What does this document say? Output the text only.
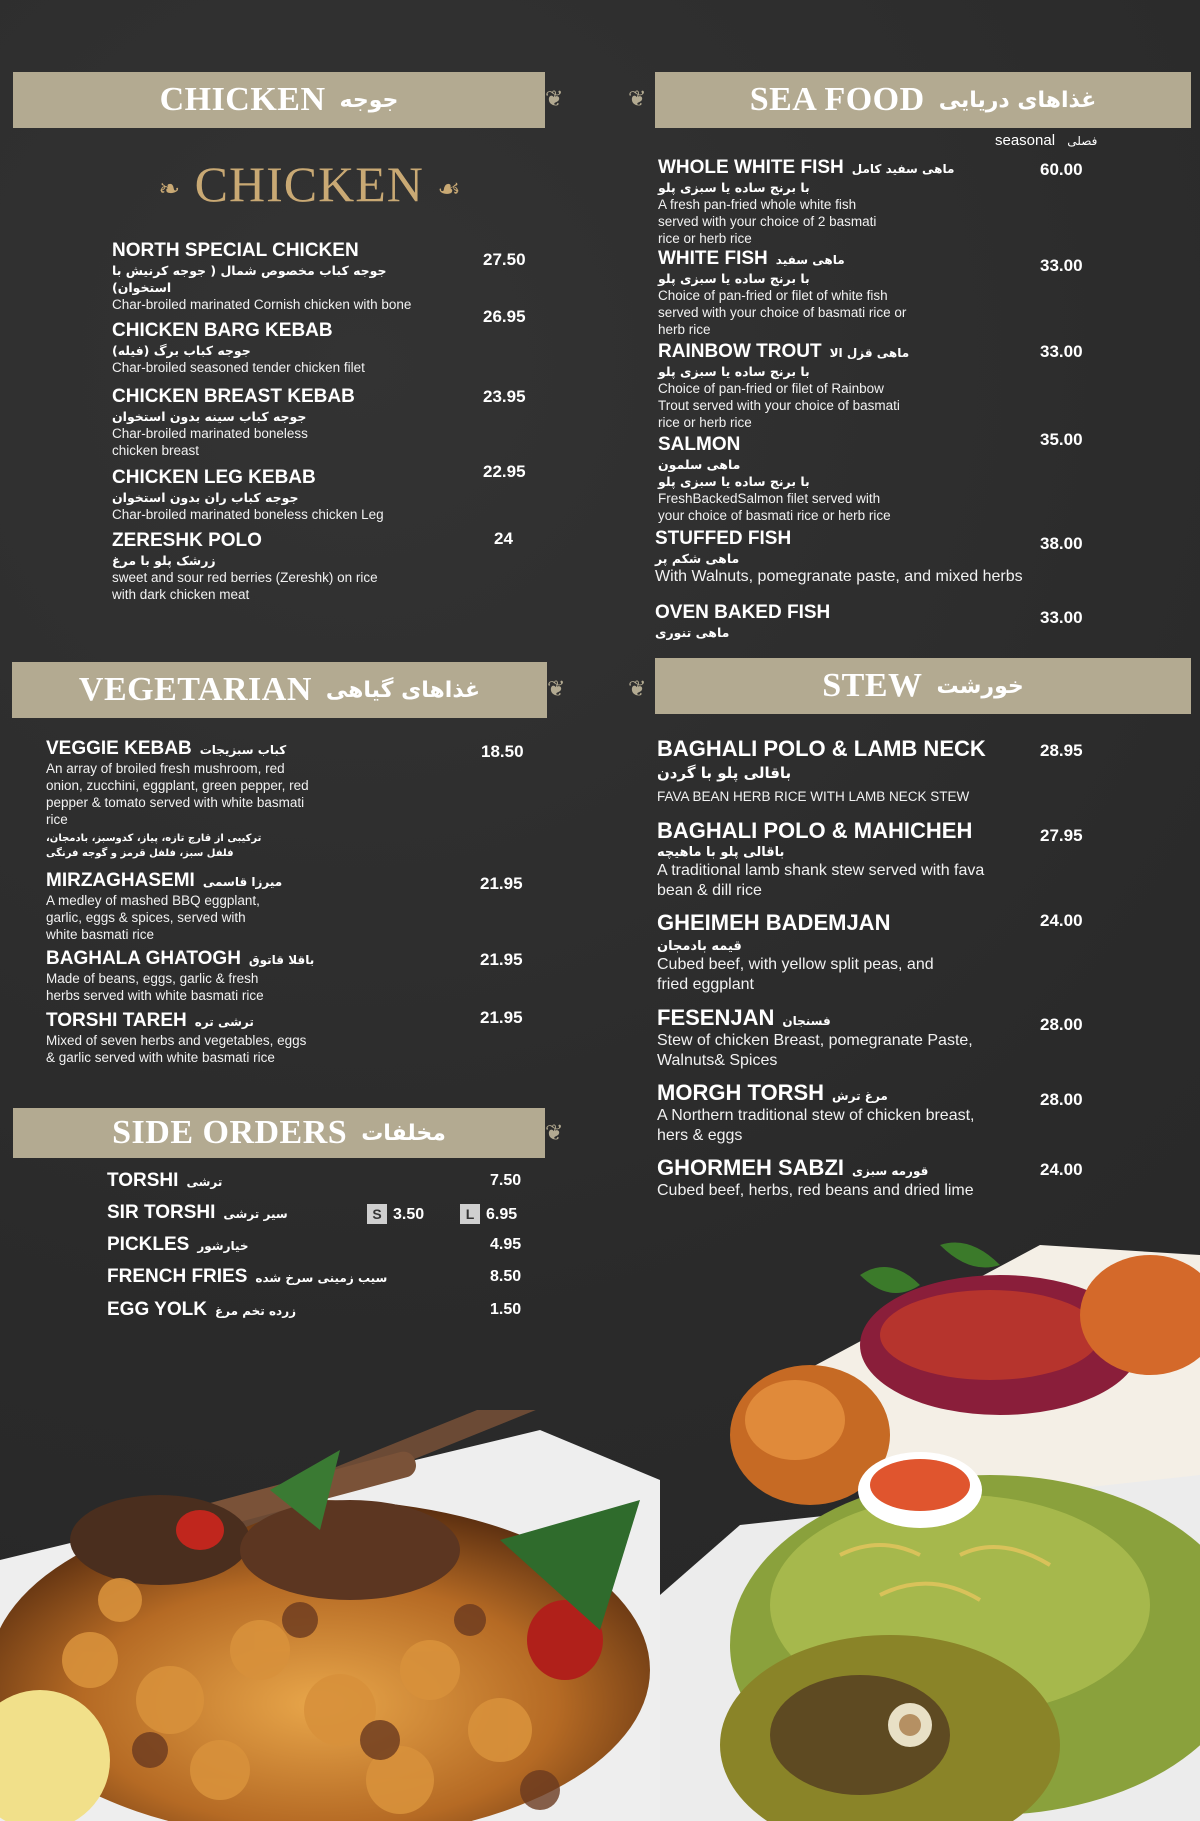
CHICKEN جوجه	❦
❧ CHICKEN ☙
NORTH SPECIAL CHICKEN
جوجه کباب مخصوص شمال ( جوجه کرنیش با استخوان)
Char-broiled marinated Cornish chicken with bone
27.50
CHICKEN BARG KEBAB
جوجه کباب برگ (فیله)
Char-broiled seasoned tender chicken filet
26.95
CHICKEN BREAST KEBAB
جوجه کباب سینه بدون استخوان
Char-broiled marinated boneless chicken breast
23.95
CHICKEN LEG KEBAB
جوجه کباب ران بدون استخوان
Char-broiled marinated boneless chicken Leg
22.95
ZERESHK POLO
زرشک پلو با مرغ
sweet and sour red berries (Zereshk) on rice with dark chicken meat
24
❦	SEA FOOD غذاهای دریایی
seasonal فصلی
WHOLE WHITE FISH ماهی سفید کامل
با برنج ساده یا سبزی پلو
A fresh pan-fried whole white fish served with your choice of 2 basmati rice or herb rice
60.00
WHITE FISH ماهی سفید
با برنج ساده یا سبزی پلو
Choice of pan-fried or filet of white fish served with your choice of basmati rice or herb rice
33.00
RAINBOW TROUT ماهی قزل الا
با برنج ساده یا سبزی پلو
Choice of pan-fried or filet of Rainbow Trout served with your choice of basmati rice or herb rice
33.00
SALMON
ماهی سلمون
با برنج ساده یا سبزی پلو
FreshBackedSalmon filet served with your choice of basmati rice or herb rice
35.00
STUFFED FISH
ماهی شکم پر
With Walnuts, pomegranate paste, and mixed herbs
38.00
OVEN BAKED FISH
ماهی تنوری
33.00
VEGETARIAN غذاهای گیاهی	❦
VEGGIE KEBAB کباب سبزیجات
An array of broiled fresh mushroom, red onion, zucchini, eggplant, green pepper, red pepper & tomato served with white basmati rice
ترکیبی از قارچ تازه، پیاز، کدوسبز، بادمجان، فلفل سبز، فلفل قرمز و گوجه فرنگی
18.50
MIRZAGHASEMI میرزا قاسمی
A medley of mashed BBQ eggplant, garlic, eggs & spices, served with white basmati rice
21.95
BAGHALA GHATOGH باقلا قاتوق
Made of beans, eggs, garlic & fresh herbs served with white basmati rice
21.95
TORSHI TAREH ترشی تره
Mixed of seven herbs and vegetables, eggs & garlic served with white basmati rice
21.95
❦	STEW خورشت
BAGHALI POLO & LAMB NECK
باقالی پلو با گردن
FAVA BEAN HERB RICE WITH LAMB NECK STEW
28.95
BAGHALI POLO & MAHICHEH
باقالی پلو با ماهیچه
A traditional lamb shank stew served with fava bean & dill rice
27.95
GHEIMEH BADEMJAN
قیمه بادمجان
Cubed beef, with yellow split peas, and fried eggplant
24.00
FESENJAN فسنجان
Stew of chicken Breast, pomegranate Paste, Walnuts& Spices
28.00
MORGH TORSH مرغ ترش
A Northern traditional stew of chicken breast, hers & eggs
28.00
GHORMEH SABZI قورمه سبزی
Cubed beef, herbs, red beans and dried lime
24.00
SIDE ORDERS مخلفات	❦
TORSHI ترشی	7.50
SIR TORSHI سیر ترشی	S 3.50	L 6.95
PICKLES خیارشور	4.95
FRENCH FRIES سیب زمینی سرخ شده	8.50
EGG YOLK زرده تخم مرغ	1.50
